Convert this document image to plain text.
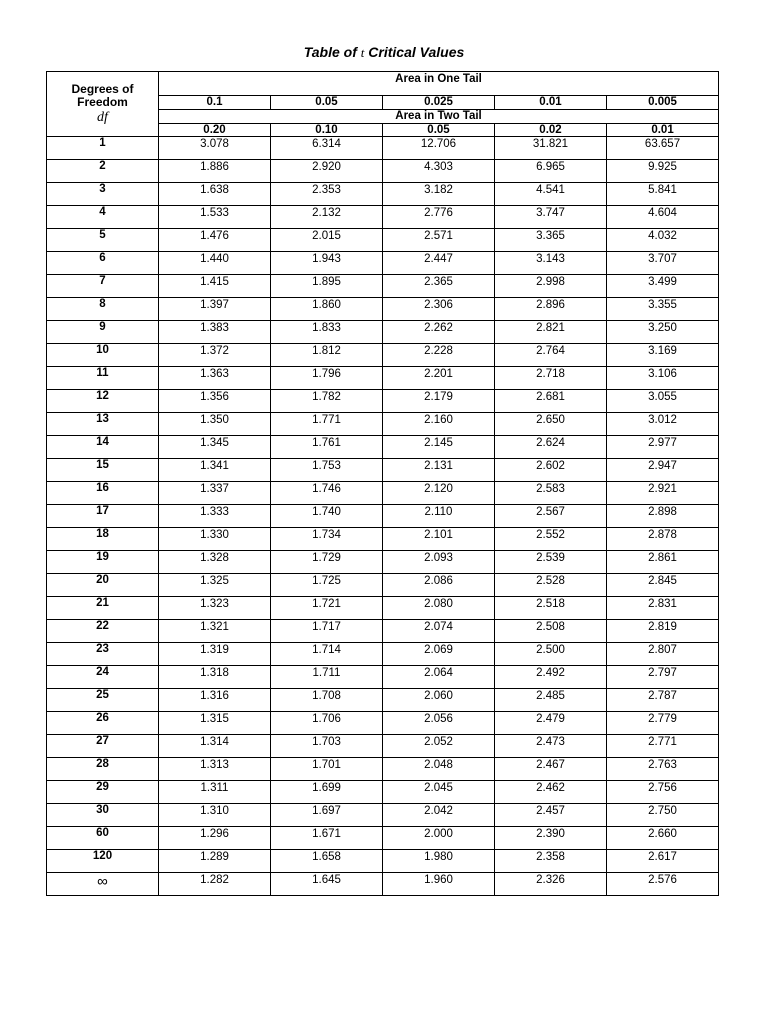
Table of t Critical Values
Degrees of
Freedom
df	Area in One Tail				
	0.1	0.05	0.025	0.01	0.005
	Area in Two Tail				
	0.20	0.10	0.05	0.02	0.01
1	3.078	6.314	12.706	31.821	63.657
2	1.886	2.920	4.303	6.965	9.925
3	1.638	2.353	3.182	4.541	5.841
4	1.533	2.132	2.776	3.747	4.604
5	1.476	2.015	2.571	3.365	4.032
6	1.440	1.943	2.447	3.143	3.707
7	1.415	1.895	2.365	2.998	3.499
8	1.397	1.860	2.306	2.896	3.355
9	1.383	1.833	2.262	2.821	3.250
10	1.372	1.812	2.228	2.764	3.169
11	1.363	1.796	2.201	2.718	3.106
12	1.356	1.782	2.179	2.681	3.055
13	1.350	1.771	2.160	2.650	3.012
14	1.345	1.761	2.145	2.624	2.977
15	1.341	1.753	2.131	2.602	2.947
16	1.337	1.746	2.120	2.583	2.921
17	1.333	1.740	2.110	2.567	2.898
18	1.330	1.734	2.101	2.552	2.878
19	1.328	1.729	2.093	2.539	2.861
20	1.325	1.725	2.086	2.528	2.845
21	1.323	1.721	2.080	2.518	2.831
22	1.321	1.717	2.074	2.508	2.819
23	1.319	1.714	2.069	2.500	2.807
24	1.318	1.711	2.064	2.492	2.797
25	1.316	1.708	2.060	2.485	2.787
26	1.315	1.706	2.056	2.479	2.779
27	1.314	1.703	2.052	2.473	2.771
28	1.313	1.701	2.048	2.467	2.763
29	1.311	1.699	2.045	2.462	2.756
30	1.310	1.697	2.042	2.457	2.750
60	1.296	1.671	2.000	2.390	2.660
120	1.289	1.658	1.980	2.358	2.617
∞	1.282	1.645	1.960	2.326	2.576
